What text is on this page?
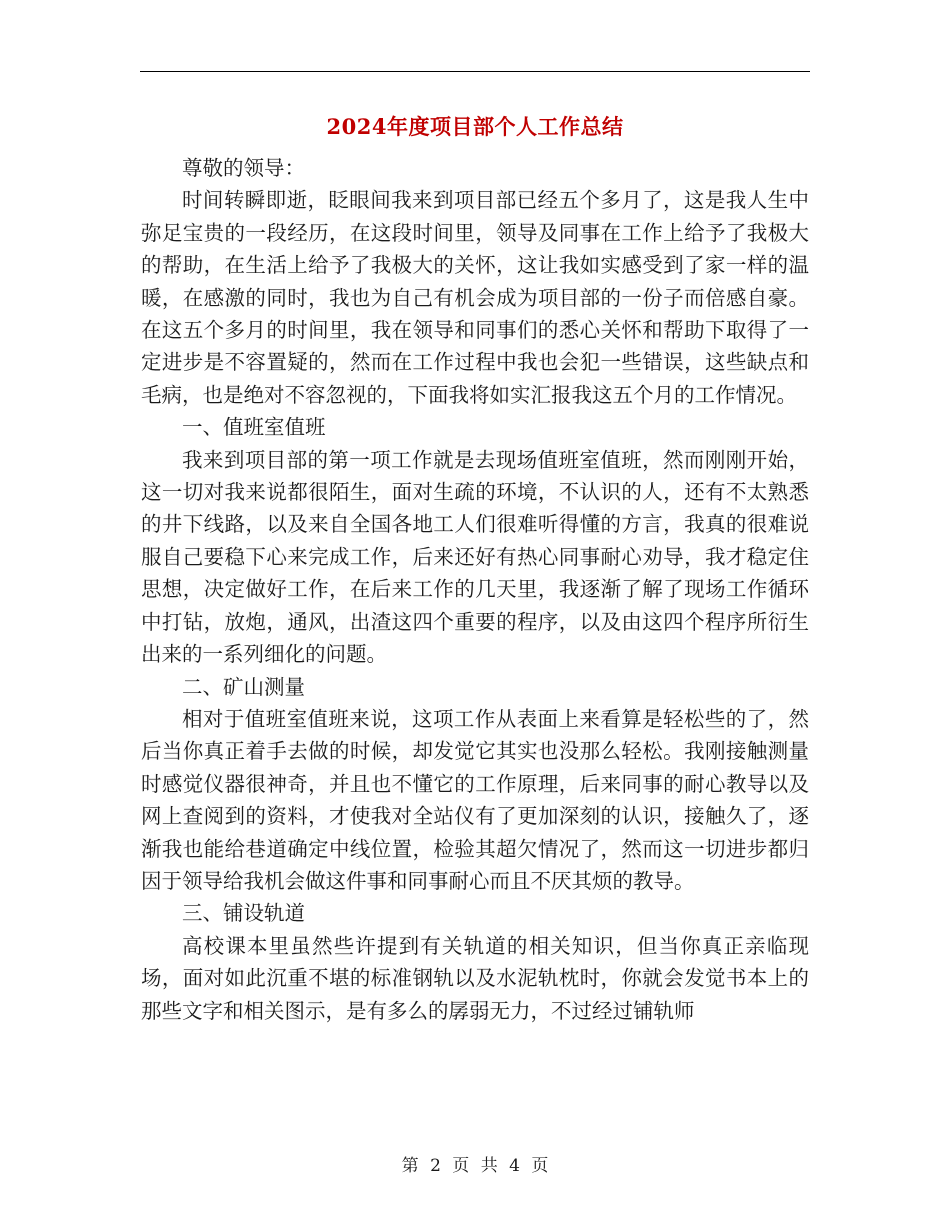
2024年度项目部个人工作总结

尊敬的领导：

时间转瞬即逝，眨眼间我来到项目部已经五个多月了，这是我人生中弥足宝贵的一段经历，在这段时间里，领导及同事在工作上给予了我极大的帮助，在生活上给予了我极大的关怀，这让我如实感受到了家一样的温暖，在感激的同时，我也为自己有机会成为项目部的一份子而倍感自豪。在这五个多月的时间里，我在领导和同事们的悉心关怀和帮助下取得了一定进步是不容置疑的，然而在工作过程中我也会犯一些错误，这些缺点和毛病，也是绝对不容忽视的，下面我将如实汇报我这五个月的工作情况。

一、值班室值班

我来到项目部的第一项工作就是去现场值班室值班，然而刚刚开始，这一切对我来说都很陌生，面对生疏的环境，不认识的人，还有不太熟悉的井下线路，以及来自全国各地工人们很难听得懂的方言，我真的很难说服自己要稳下心来完成工作，后来还好有热心同事耐心劝导，我才稳定住思想，决定做好工作，在后来工作的几天里，我逐渐了解了现场工作循环中打钻，放炮，通风，出渣这四个重要的程序，以及由这四个程序所衍生出来的一系列细化的问题。

二、矿山测量

相对于值班室值班来说，这项工作从表面上来看算是轻松些的了，然后当你真正着手去做的时候，却发觉它其实也没那么轻松。我刚接触测量时感觉仪器很神奇，并且也不懂它的工作原理，后来同事的耐心教导以及网上查阅到的资料，才使我对全站仪有了更加深刻的认识，接触久了，逐渐我也能给巷道确定中线位置，检验其超欠情况了，然而这一切进步都归因于领导给我机会做这件事和同事耐心而且不厌其烦的教导。

三、铺设轨道

高校课本里虽然些许提到有关轨道的相关知识，但当你真正亲临现场，面对如此沉重不堪的标准钢轨以及水泥轨枕时，你就会发觉书本上的那些文字和相关图示，是有多么的孱弱无力，不过经过铺轨师

第 2 页 共 4 页
